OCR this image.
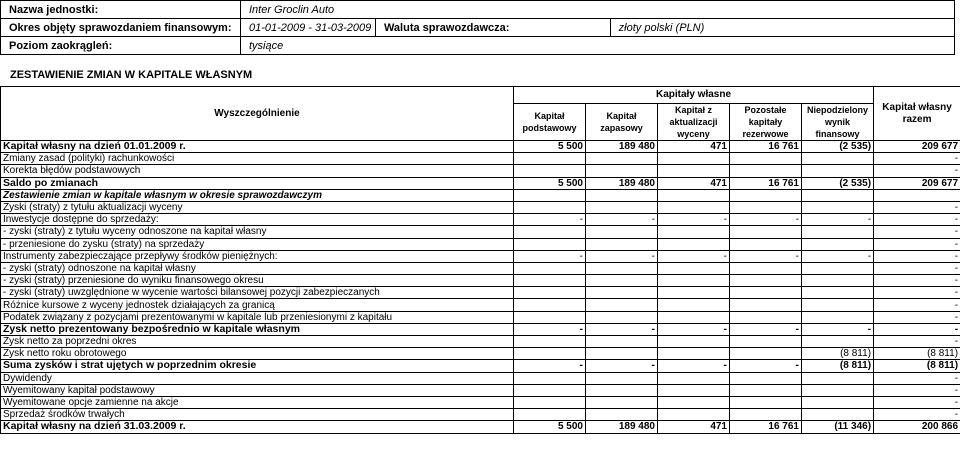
Nazwa jednostki:	Inter Groclin Auto		
Okres objęty sprawozdaniem finansowym:	01-01-2009 - 31-03-2009	Waluta sprawozdawcza:	złoty polski (PLN)
Poziom zaokrągleń:	tysiące		
ZESTAWIENIE ZMIAN W KAPITALE WŁASNYM
Wyszczególnienie	Kapitały własne					Kapitał własny razem
	Kapitał podstawowy	Kapitał zapasowy	Kapitał z aktualizacji wyceny	Pozostałe kapitały rezerwowe	Niepodzielony wynik finansowy	
Kapitał własny na dzień 01.01.2009 r.	5 500	189 480	471	16 761	(2 535)	209 677
Zmiany zasad (polityki) rachunkowości						-
Korekta błędów podstawowych						-
Saldo po zmianach	5 500	189 480	471	16 761	(2 535)	209 677
Zestawienie zmian w kapitale własnym w okresie sprawozdawczym						
Zyski (straty) z tytułu aktualizacji wyceny						-
Inwestycje dostępne do sprzedaży:	-	-	-	-	-	-
- zyski (straty) z tytułu wyceny odnoszone na kapitał własny						-
- przeniesione do zysku (straty) na sprzedaży						-
Instrumenty zabezpieczające przepływy środków pieniężnych:	-	-	-	-	-	-
- zyski (straty) odnoszone na kapitał własny						-
- zyski (straty) przeniesione do wyniku finansowego okresu						-
- zyski (straty) uwzględnione w wycenie wartości bilansowej pozycji zabezpieczanych						-
Różnice kursowe z wyceny jednostek działających za granicą						-
Podatek związany z pozycjami prezentowanymi w kapitale lub przeniesionymi z kapitału						-
Zysk netto prezentowany bezpośrednio w kapitale własnym	-	-	-	-	-	-
Zysk netto za poprzedni okres						-
Zysk netto roku obrotowego					(8 811)	(8 811)
Suma zysków i strat ujętych w poprzednim okresie	-	-	-	-	(8 811)	(8 811)
Dywidendy						-
Wyemitowany kapitał podstawowy						-
Wyemitowane opcje zamienne na akcje						-
Sprzedaż środków trwałych						-
Kapitał własny na dzień 31.03.2009 r.	5 500	189 480	471	16 761	(11 346)	200 866
